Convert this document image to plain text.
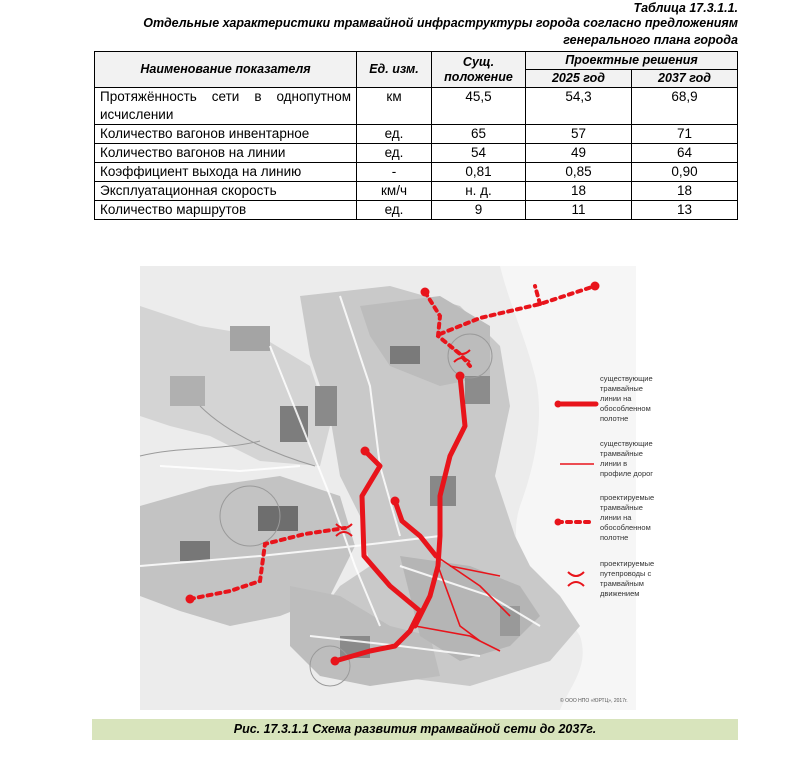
Таблица 17.3.1.1.
Отдельные характеристики трамвайной инфраструктуры города согласно предложениям генерального плана города
Наименование показателя	Ед. изм.	Сущ. положение	Проектные решения	
			2025 год	2037 год
Протяжённость сети в однопутном исчислении	км	45,5	54,3	68,9
Количество вагонов инвентарное	ед.	65	57	71
Количество вагонов на линии	ед.	54	49	64
Коэффициент выхода на линию	-	0,81	0,85	0,90
Эксплуатационная скорость	км/ч	н. д.	18	18
Количество маршрутов	ед.	9	11	13
существующие трамвайные линии на обособленном полотне
существующие трамвайные линии в профиле дорог
проектируемые трамвайные линии на обособленном полотне
проектируемые путепроводы с трамвайным движением
© ООО НПО «ЮРТЦ», 2017г.
Рис. 17.3.1.1 Схема развития трамвайной сети до 2037г.
